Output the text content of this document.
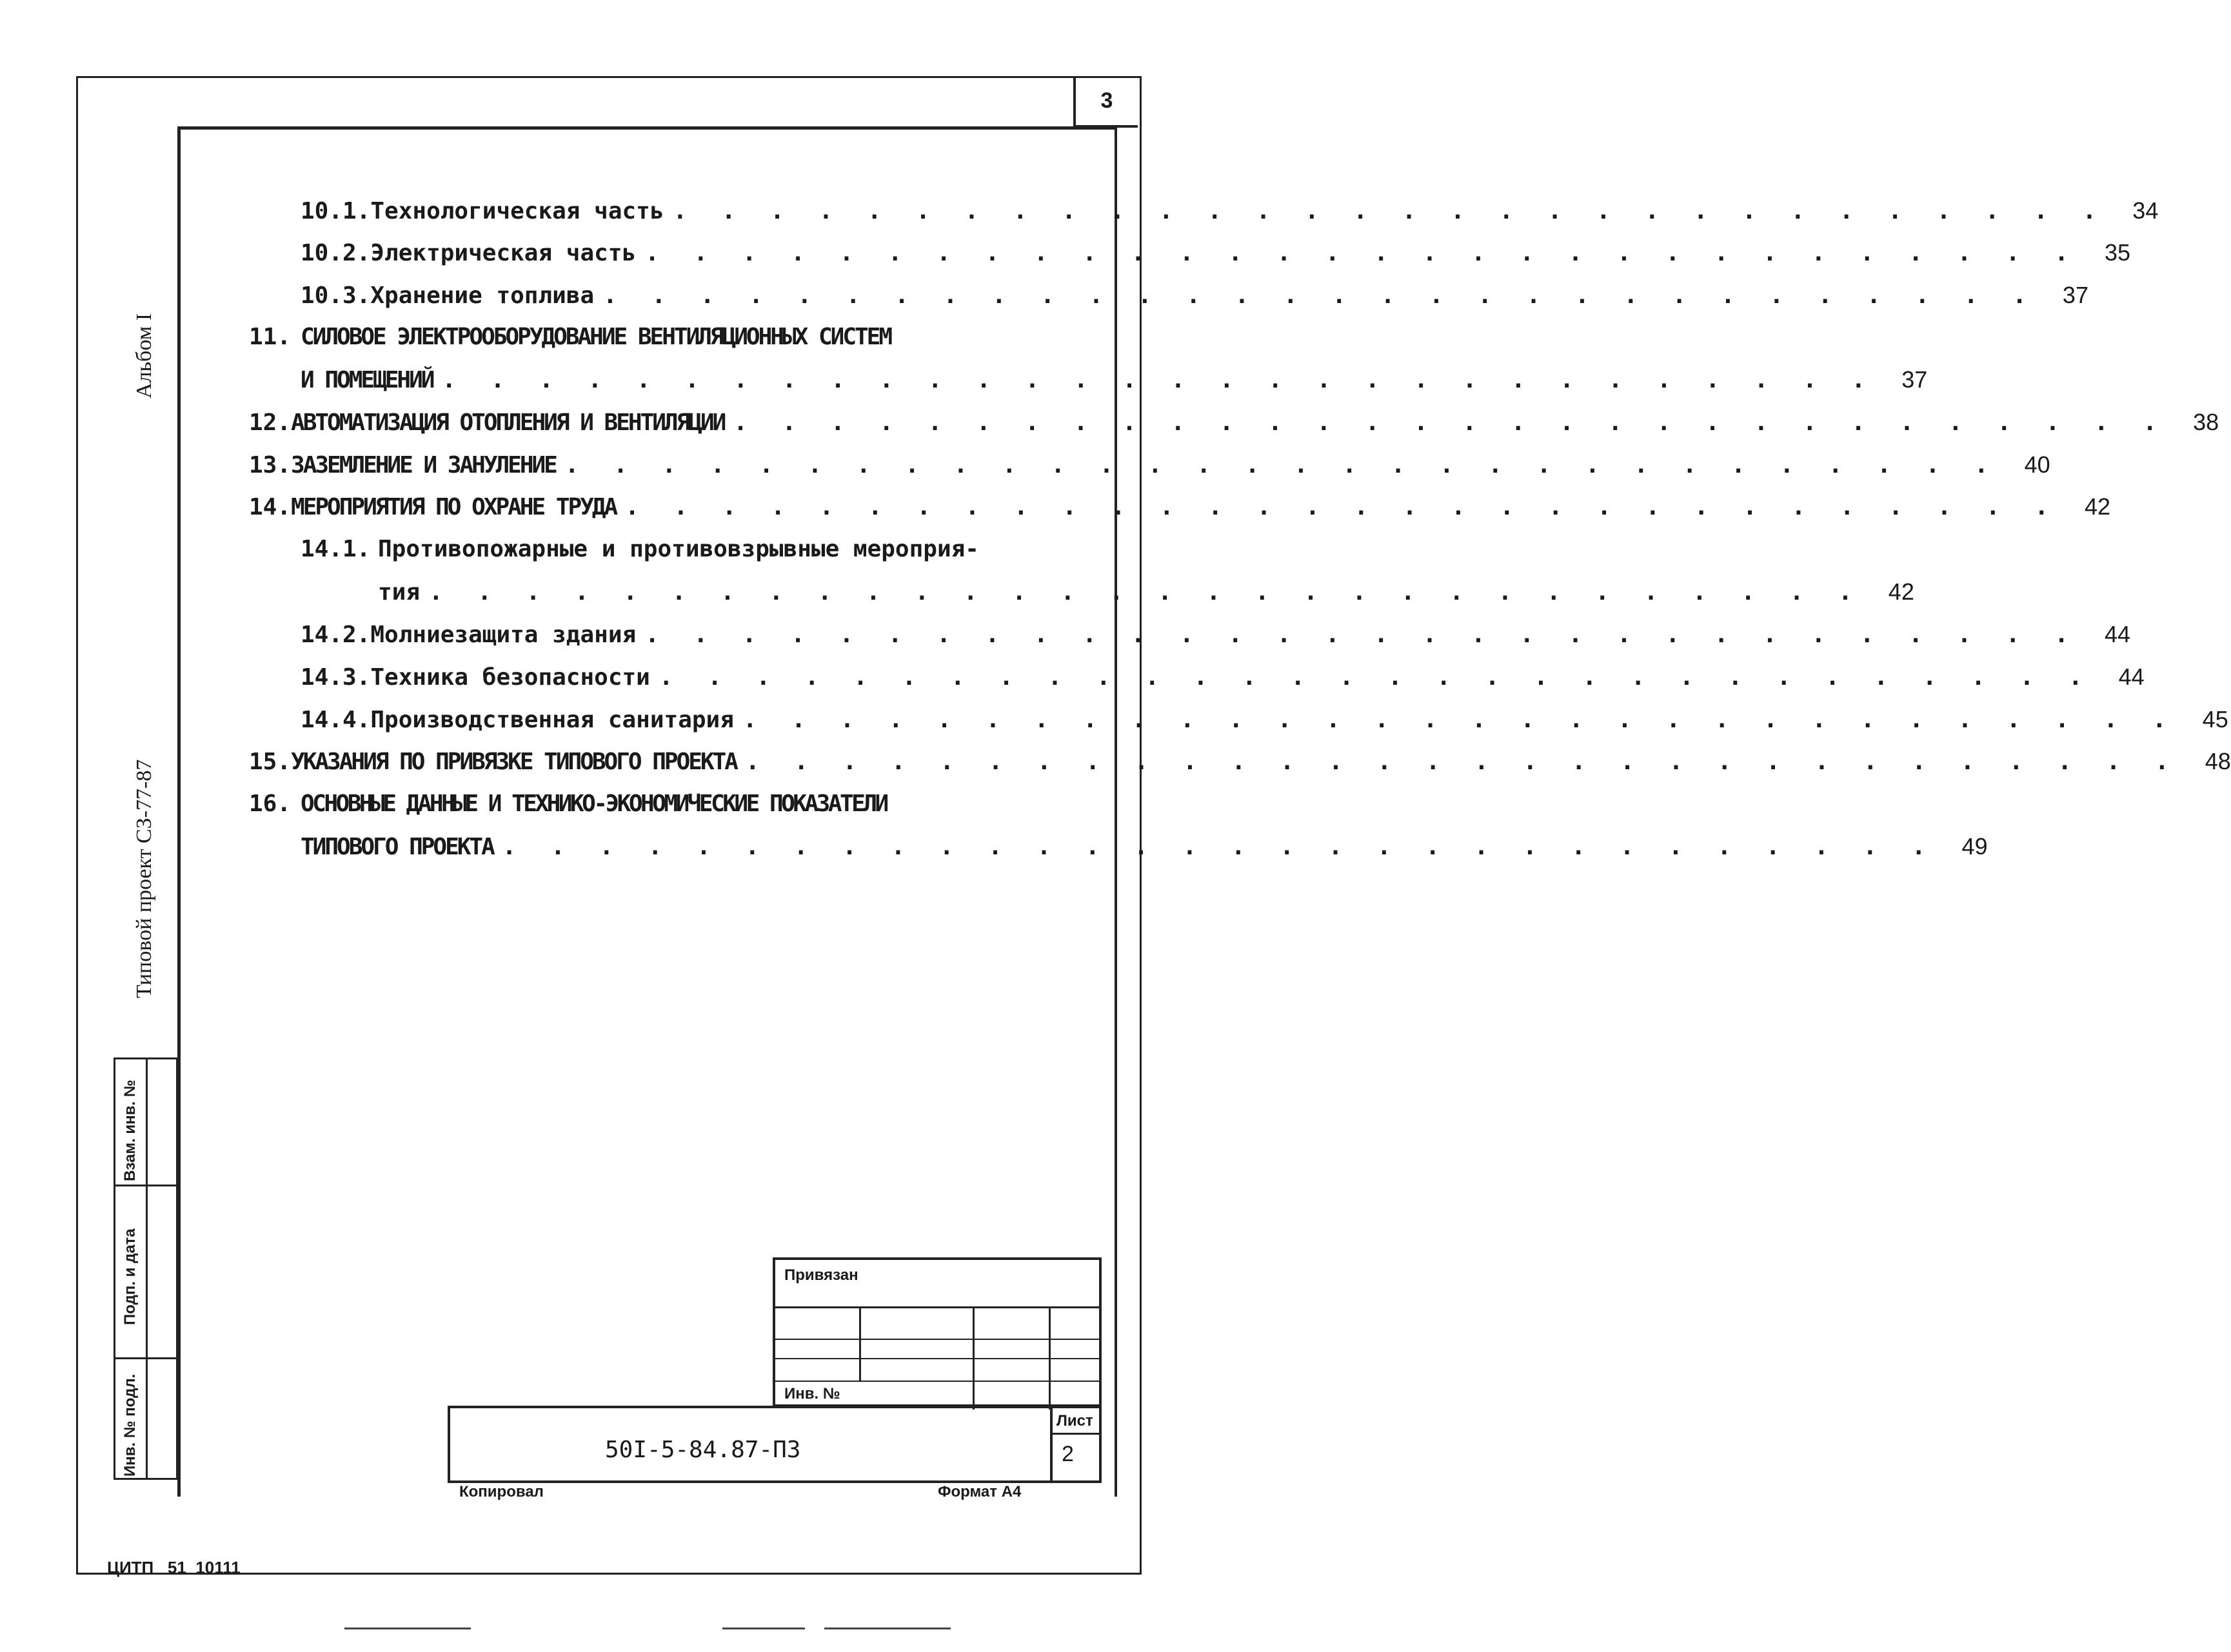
3
10.1. Технологическая часть . . . . . . . . . . . . . . . . . . . . . . . . . . . . . . 34
10.2. Электрическая часть . . . . . . . . . . . . . . . . . . . . . . . . . . . . . . 35
10.3. Хранение топлива . . . . . . . . . . . . . . . . . . . . . . . . . . . . . . 37
11. СИЛОВОЕ ЭЛЕКТРООБОРУДОВАНИЕ ВЕНТИЛЯЦИОННЫХ СИСТЕМ
И ПОМЕЩЕНИЙ . . . . . . . . . . . . . . . . . . . . . . . . . . . . . . 37
12. АВТОМАТИЗАЦИЯ ОТОПЛЕНИЯ И ВЕНТИЛЯЦИИ . . . . . . . . . . . . . . . . . . . . . . . . . . . . . . 38
13. ЗАЗЕМЛЕНИЕ И ЗАНУЛЕНИЕ . . . . . . . . . . . . . . . . . . . . . . . . . . . . . . 40
14. МЕРОПРИЯТИЯ ПО ОХРАНЕ ТРУДА . . . . . . . . . . . . . . . . . . . . . . . . . . . . . . 42
14.1. Противопожарные и противовзрывные мероприя-
тия . . . . . . . . . . . . . . . . . . . . . . . . . . . . . . 42
14.2. Молниезащита здания . . . . . . . . . . . . . . . . . . . . . . . . . . . . . . 44
14.3. Техника безопасности . . . . . . . . . . . . . . . . . . . . . . . . . . . . . . 44
14.4. Производственная санитария . . . . . . . . . . . . . . . . . . . . . . . . . . . . . . 45
15. УКАЗАНИЯ ПО ПРИВЯЗКЕ ТИПОВОГО ПРОЕКТА . . . . . . . . . . . . . . . . . . . . . . . . . . . . . . 48
16. ОСНОВНЫЕ ДАННЫЕ И ТЕХНИКО-ЭКОНОМИЧЕСКИЕ ПОКАЗАТЕЛИ
ТИПОВОГО ПРОЕКТА . . . . . . . . . . . . . . . . . . . . . . . . . . . . . . 49
Альбом I
Типовой проект СЗ-77-87
Взам. инв. №
Подп. и дата
Инв. № подл.
Привязан
Инв. №
50I-5-84.87-ПЗ
Лист
2
Копировал	Формат А4
ЦИТП   51  10111
